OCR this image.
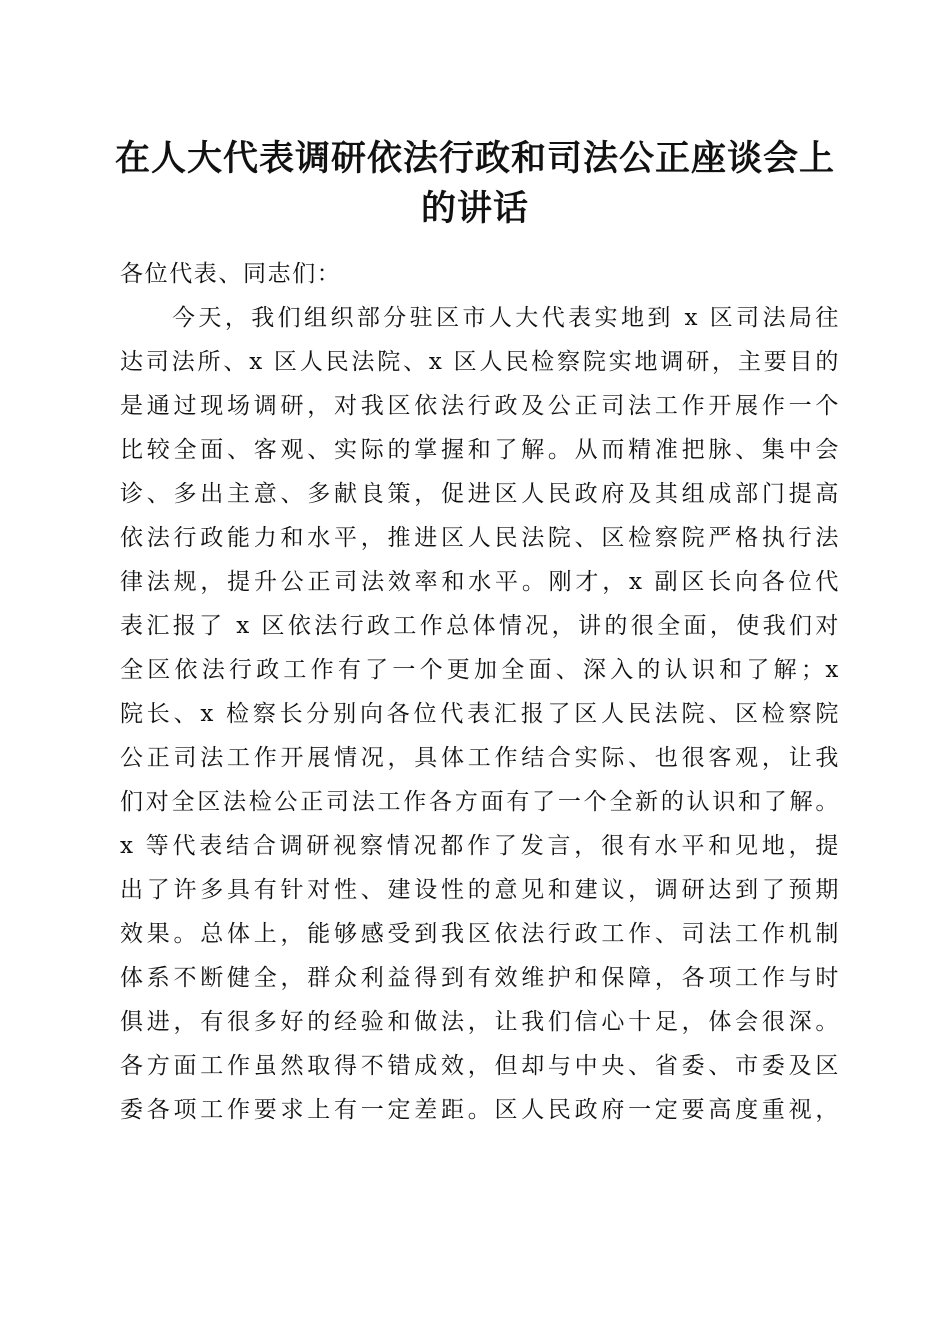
在人大代表调研依法行政和司法公正座谈会上
的讲话
各位代表、同志们：
今天，我们组织部分驻区市人大代表实地到 x 区司法局往
达司法所、x 区人民法院、x 区人民检察院实地调研，主要目的
是通过现场调研，对我区依法行政及公正司法工作开展作一个
比较全面、客观、实际的掌握和了解。从而精准把脉、集中会
诊、多出主意、多献良策，促进区人民政府及其组成部门提高
依法行政能力和水平，推进区人民法院、区检察院严格执行法
律法规，提升公正司法效率和水平。刚才，x 副区长向各位代
表汇报了 x 区依法行政工作总体情况，讲的很全面，使我们对
全区依法行政工作有了一个更加全面、深入的认识和了解；x
院长、x 检察长分别向各位代表汇报了区人民法院、区检察院
公正司法工作开展情况，具体工作结合实际、也很客观，让我
们对全区法检公正司法工作各方面有了一个全新的认识和了解。
x 等代表结合调研视察情况都作了发言，很有水平和见地，提
出了许多具有针对性、建设性的意见和建议，调研达到了预期
效果。总体上，能够感受到我区依法行政工作、司法工作机制
体系不断健全，群众利益得到有效维护和保障，各项工作与时
俱进，有很多好的经验和做法，让我们信心十足，体会很深。
各方面工作虽然取得不错成效，但却与中央、省委、市委及区
委各项工作要求上有一定差距。区人民政府一定要高度重视，
